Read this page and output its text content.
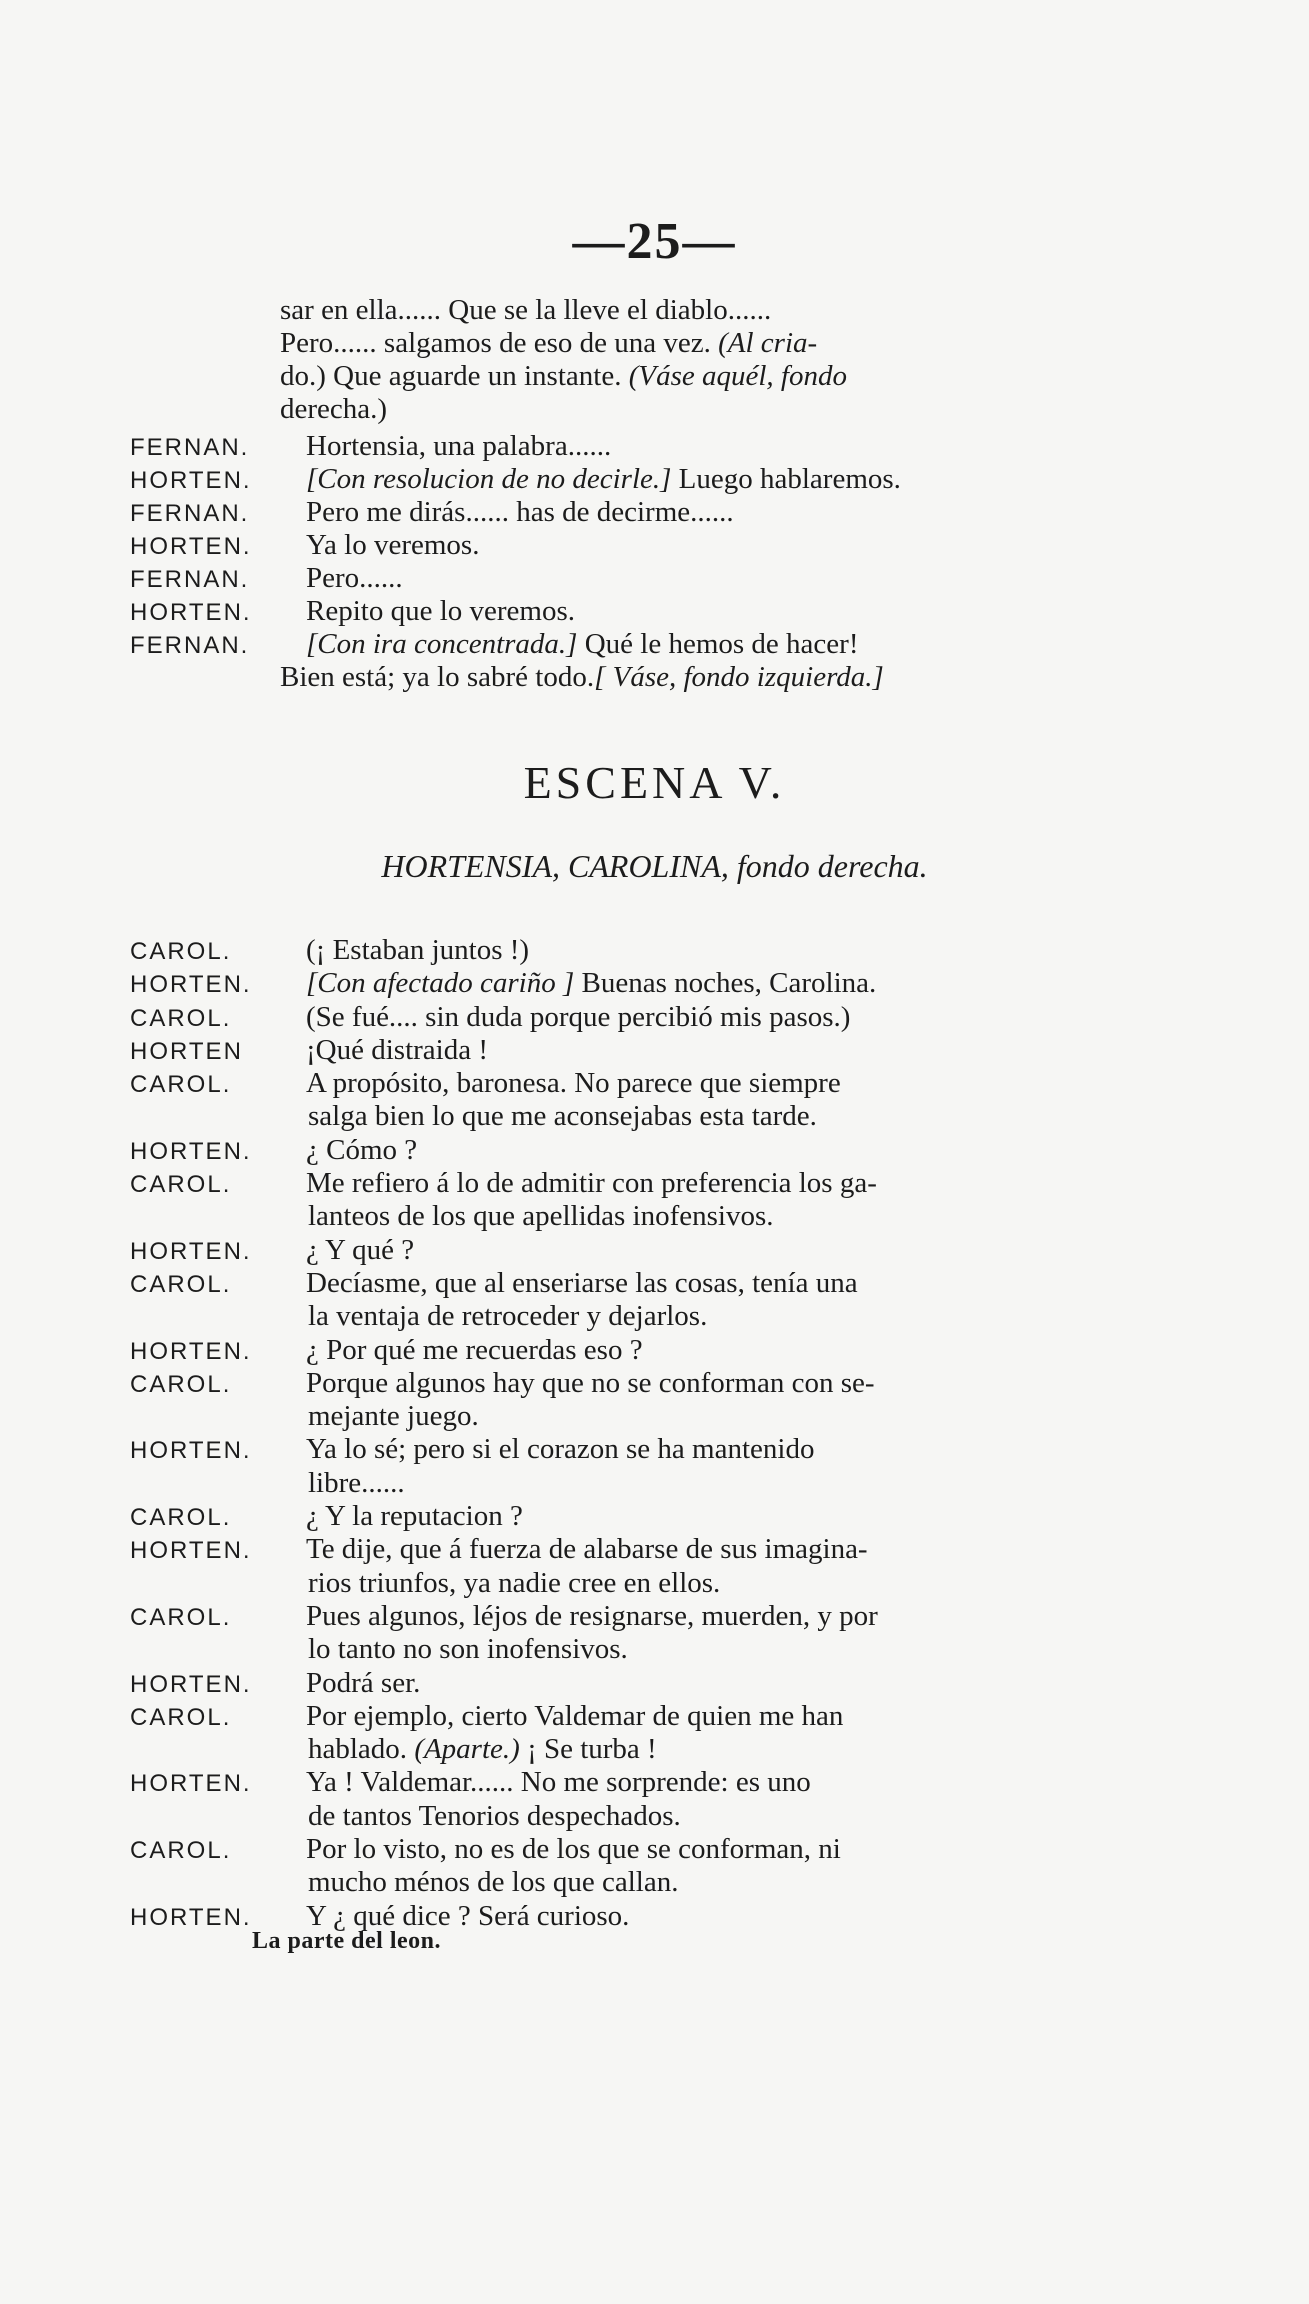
—25—
sar en ella...... Que se la lleve el diablo......
Pero...... salgamos de eso de una vez. (Al cria-
do.) Que aguarde un instante. (Váse aquél, fondo
derecha.)
FERNAN. Hortensia, una palabra......
HORTEN. [Con resolucion de no decirle.] Luego hablaremos.
FERNAN. Pero me dirás...... has de decirme......
HORTEN. Ya lo veremos.
FERNAN. Pero......
HORTEN. Repito que lo veremos.
FERNAN. [Con ira concentrada.] Qué le hemos de hacer!
Bien está; ya lo sabré todo.[ Váse, fondo izquierda.]
ESCENA V.
HORTENSIA, CAROLINA, fondo derecha.
CAROL.	(¡ Estaban juntos !)
HORTEN. [Con afectado cariño ] Buenas noches, Carolina.
CAROL.	(Se fué.... sin duda porque percibió mis pasos.)
HORTEN ¡Qué distraida !
CAROL.	A propósito, baronesa. No parece que siempre
salga bien lo que me aconsejabas esta tarde.
HORTEN. ¿ Cómo ?
CAROL.	Me refiero á lo de admitir con preferencia los ga-
lanteos de los que apellidas inofensivos.
HORTEN. ¿ Y qué ?
CAROL.	Decíasme, que al enseriarse las cosas, tenía una
la ventaja de retroceder y dejarlos.
HORTEN. ¿ Por qué me recuerdas eso ?
CAROL.	Porque algunos hay que no se conforman con se-
mejante juego.
HORTEN. Ya lo sé; pero si el corazon se ha mantenido
libre......
CAROL.	¿ Y la reputacion ?
HORTEN. Te dije, que á fuerza de alabarse de sus imagina-
rios triunfos, ya nadie cree en ellos.
CAROL.	Pues algunos, léjos de resignarse, muerden, y por
lo tanto no son inofensivos.
HORTEN. Podrá ser.
CAROL.	Por ejemplo, cierto Valdemar de quien me han
hablado. (Aparte.) ¡ Se turba !
HORTEN. Ya ! Valdemar...... No me sorprende: es uno
de tantos Tenorios despechados.
CAROL.	Por lo visto, no es de los que se conforman, ni
mucho ménos de los que callan.
HORTEN. Y ¿ qué dice ? Será curioso.
La parte del leon.
